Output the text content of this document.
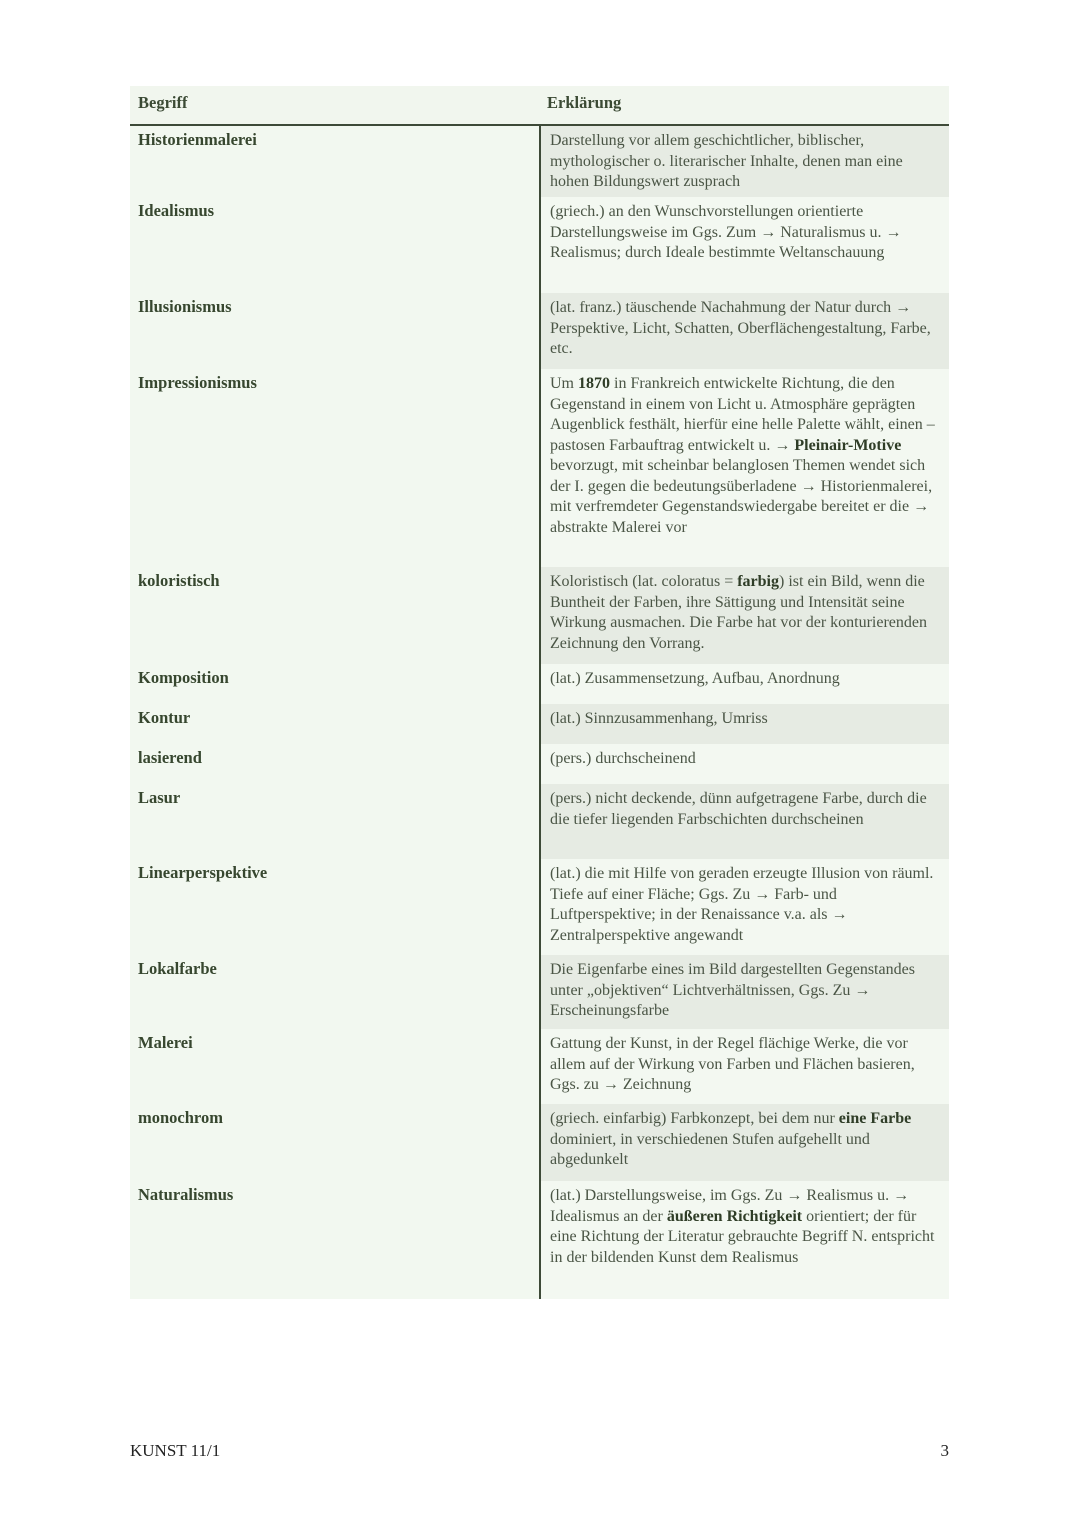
Begriff	Erklärung
Historienmalerei	Darstellung vor allem geschichtlicher, biblischer, mythologischer o. literarischer Inhalte, denen man eine hohen Bildungswert zusprach
Idealismus	(griech.) an den Wunschvorstellungen orientierte Darstellungsweise im Ggs. Zum → Naturalismus u. → Realismus; durch Ideale bestimmte Weltanschauung
Illusionismus	(lat. franz.) täuschende Nachahmung der Natur durch → Perspektive, Licht, Schatten, Oberflächengestaltung, Farbe, etc.
Impressionismus	Um 1870 in Frankreich entwickelte Richtung, die den Gegenstand in einem von Licht u. Atmosphäre geprägten Augenblick festhält, hierfür eine helle Palette wählt, einen – pastosen Farbauftrag entwickelt u. → Pleinair-Motive bevorzugt, mit scheinbar belanglosen Themen wendet sich der I. gegen die bedeutungsüberladene → Historienmalerei, mit verfremdeter Gegenstandswiedergabe bereitet er die → abstrakte Malerei vor
koloristisch	Koloristisch (lat. coloratus = farbig) ist ein Bild, wenn die Buntheit der Farben, ihre Sättigung und Intensität seine Wirkung ausmachen. Die Farbe hat vor der konturierenden Zeichnung den Vorrang.
Komposition	(lat.) Zusammensetzung, Aufbau, Anordnung
Kontur	(lat.) Sinnzusammenhang, Umriss
lasierend	(pers.) durchscheinend
Lasur	(pers.) nicht deckende, dünn aufgetragene Farbe, durch die die tiefer liegenden Farbschichten durchscheinen
Linearperspektive	(lat.) die mit Hilfe von geraden erzeugte Illusion von räuml. Tiefe auf einer Fläche; Ggs. Zu → Farb- und Luftperspektive; in der Renaissance v.a. als → Zentralperspektive angewandt
Lokalfarbe	Die Eigenfarbe eines im Bild dargestellten Gegenstandes unter „objektiven“ Lichtverhältnissen, Ggs. Zu → Erscheinungsfarbe
Malerei	Gattung der Kunst, in der Regel flächige Werke, die vor allem auf der Wirkung von Farben und Flächen basieren, Ggs. zu → Zeichnung
monochrom	(griech. einfarbig) Farbkonzept, bei dem nur eine Farbe dominiert, in verschiedenen Stufen aufgehellt und abgedunkelt
Naturalismus	(lat.) Darstellungsweise, im Ggs. Zu → Realismus u. → Idealismus an der äußeren Richtigkeit orientiert; der für eine Richtung der Literatur gebrauchte Begriff N. entspricht in der bildenden Kunst dem Realismus
KUNST 11/1	3
